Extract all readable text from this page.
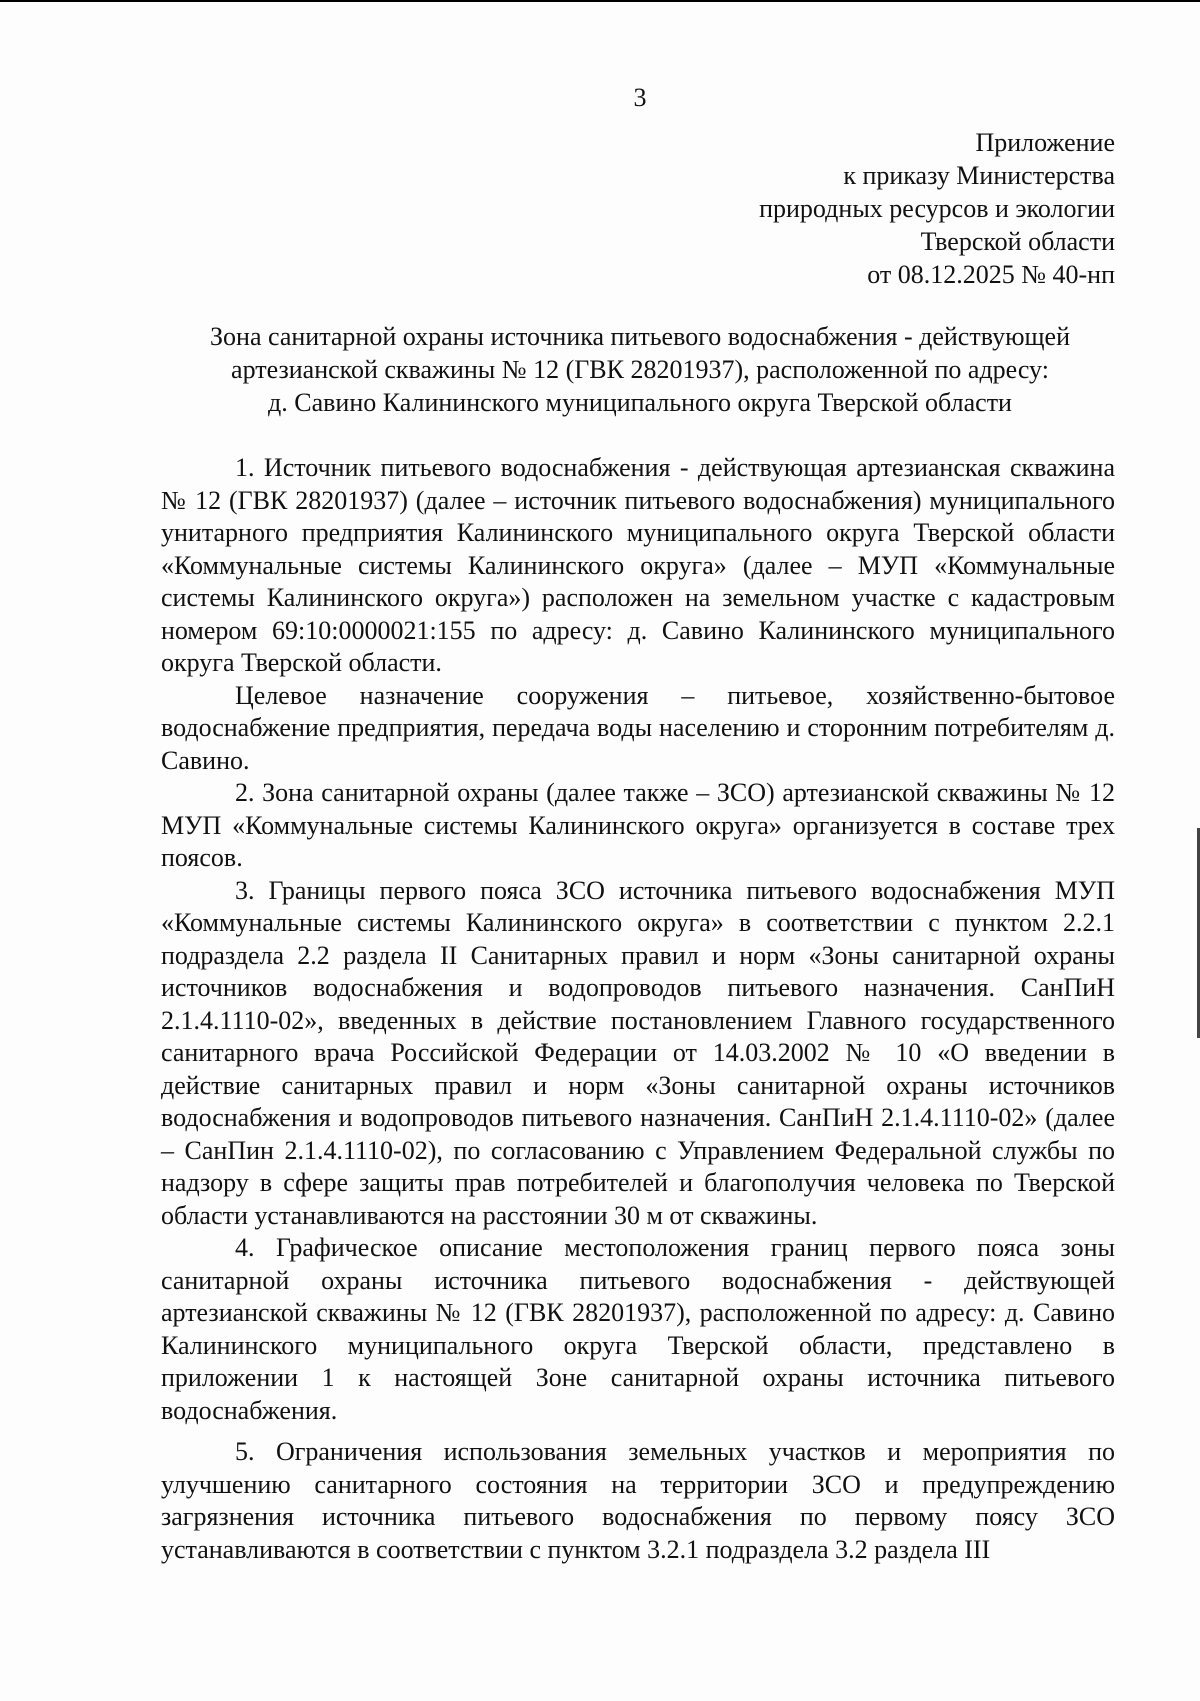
3
Приложение
к приказу Министерства
природных ресурсов и экологии
Тверской области
от 08.12.2025 № 40-нп
Зона санитарной охраны источника питьевого водоснабжения - действующей
артезианской скважины № 12 (ГВК 28201937), расположенной по адресу:
д. Савино Калининского муниципального округа Тверской области

1. Источник питьевого водоснабжения - действующая артезианская скважина № 12 (ГВК 28201937) (далее – источник питьевого водоснабжения) муниципального унитарного предприятия Калининского муниципального округа Тверской области «Коммунальные системы Калининского округа» (далее – МУП «Коммунальные системы Калининского округа») расположен на земельном участке с кадастровым номером 69:10:0000021:155 по адресу: д. Савино Калининского муниципального округа Тверской области.

Целевое назначение сооружения – питьевое, хозяйственно-бытовое водоснабжение предприятия, передача воды населению и сторонним потребителям д. Савино.

2. Зона санитарной охраны (далее также – ЗСО) артезианской скважины № 12 МУП «Коммунальные системы Калининского округа» организуется в составе трех поясов.

3. Границы первого пояса ЗСО источника питьевого водоснабжения МУП «Коммунальные системы Калининского округа» в соответствии с пунктом 2.2.1 подраздела 2.2 раздела II Санитарных правил и норм «Зоны санитарной охраны источников водоснабжения и водопроводов питьевого назначения. СанПиН 2.1.4.1110-02», введенных в действие постановлением Главного государственного санитарного врача Российской Федерации от 14.03.2002 № 10 «О введении в действие санитарных правил и норм «Зоны санитарной охраны источников водоснабжения и водопроводов питьевого назначения. СанПиН 2.1.4.1110-02» (далее – СанПин 2.1.4.1110-02), по согласованию с Управлением Федеральной службы по надзору в сфере защиты прав потребителей и благополучия человека по Тверской области устанавливаются на расстоянии 30 м от скважины.

4. Графическое описание местоположения границ первого пояса зоны санитарной охраны источника питьевого водоснабжения - действующей артезианской скважины № 12 (ГВК 28201937), расположенной по адресу: д. Савино Калининского муниципального округа Тверской области, представлено в приложении 1 к настоящей Зоне санитарной охраны источника питьевого водоснабжения.

5. Ограничения использования земельных участков и мероприятия по улучшению санитарного состояния на территории ЗСО и предупреждению загрязнения источника питьевого водоснабжения по первому поясу ЗСО устанавливаются в соответствии с пунктом 3.2.1 подраздела 3.2 раздела III
